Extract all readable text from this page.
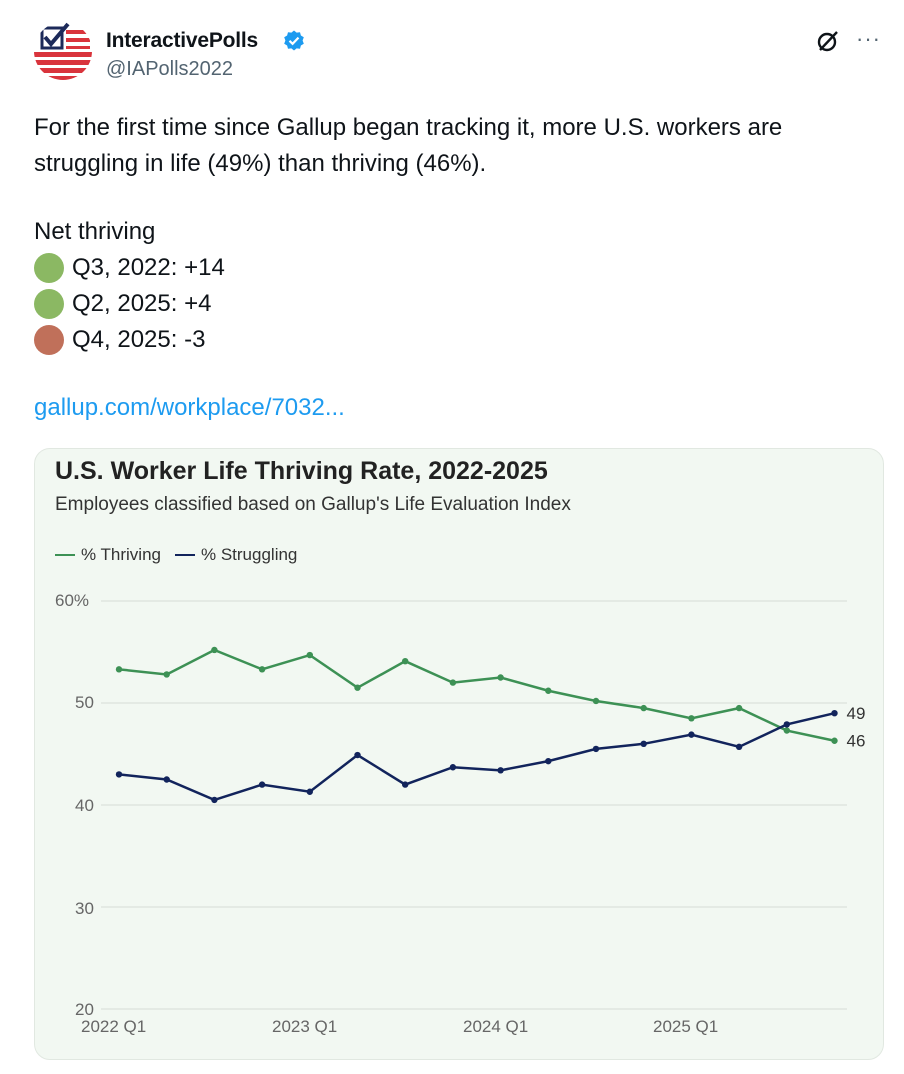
InteractivePolls
@IAPolls2022
···
For the first time since Gallup began tracking it, more U.S. workers are struggling in life (49%) than thriving (46%).
Net thriving
Q3, 2022: +14
Q2, 2025: +4
Q4, 2025: -3
gallup.com/workplace/7032...
46
49
U.S. Worker Life Thriving Rate, 2022-2025
Employees classified based on Gallup's Life Evaluation Index
% Thriving % Struggling
60%
50
40
30
20
2022 Q1	2023 Q1	2024 Q1	2025 Q1
